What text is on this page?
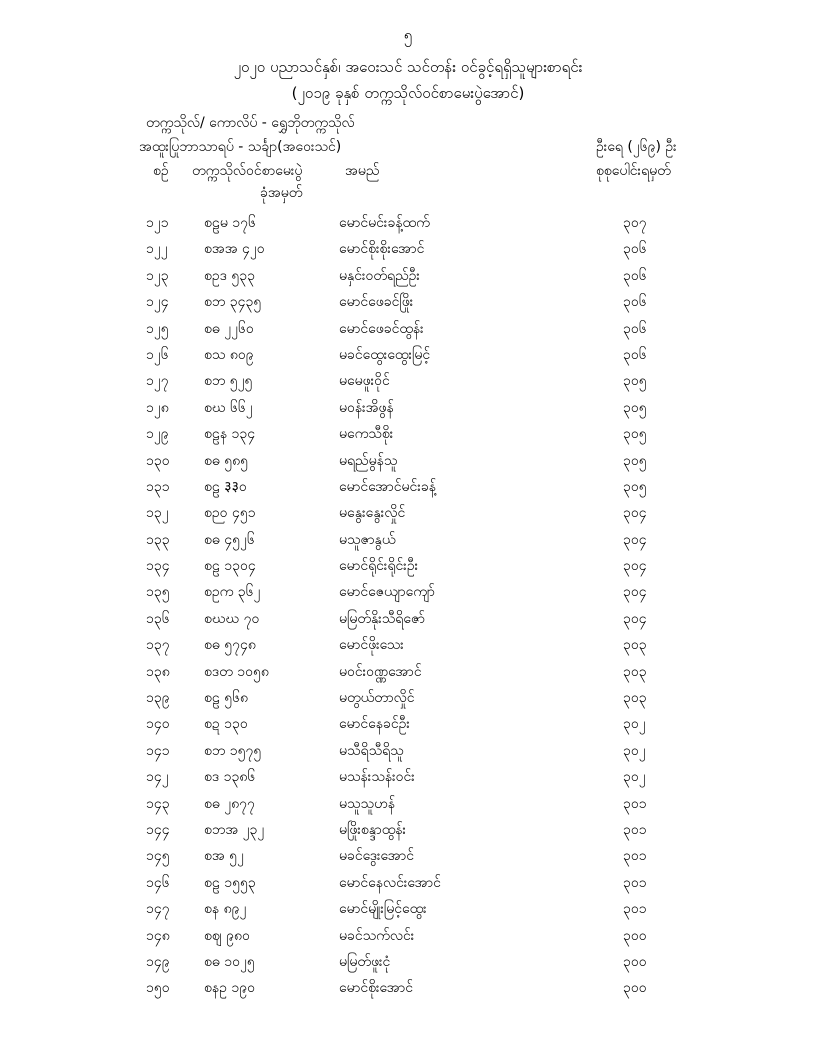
၅
၂၀၂၀ ပညာသင်နှစ်၊ အဝေးသင် သင်တန်း ဝင်ခွင့်ရရှိသူများစာရင်း
(၂၀၁၉ ခုနှစ် တက္ကသိုလ်ဝင်စာမေးပွဲအောင်)
တက္ကသိုလ်/ ကောလိပ် - ရွှေဘိုတက္ကသိုလ်
အထူးပြုဘာသာရပ် - သင်္ချာ(အဝေးသင်)	ဦးရေ (၂၆၉) ဦး
စဉ် တက္ကသိုလ်ဝင်စာမေးပွဲ
ခုံအမှတ်
အမည်	စုစုပေါင်းရမှတ်
၁၂၁	စဠမ ၁၇၆	မောင်မင်းခန့်ထက်	၃၀၇
၁၂၂	စအအ ၄၂၀	မောင်စိုးစိုးအောင်	၃၀၆
၁၂၃	စဥဒ ၅၃၃	မနှင်းဝတ်ရည်ဦး	၃၀၆
၁၂၄	စဘ ၃၄၃၅	မောင်ဖေခင်ဖြိုး	၃၀၆
၁၂၅	စဓ ၂၂၆၀	မောင်ဖေခင်ထွန်း	၃၀၆
၁၂၆	စသ ၈၀၉	မခင်ထွေးထွေးမြင့်	၃၀၆
၁၂၇	စဘ ၅၂၅	မမေဖူးဝိုင်	၃၀၅
၁၂၈	စဃ ၆၆၂	မဝန်းအိဖွန်	၃၀၅
၁၂၉	စဠန ၁၃၄	မကေသီစိုး	၃၀၅
၁၃၀ စဓ ၅၈၅	မရည်မွန်သူ	၃၀၅
၁၃၁ စဠ ३३၀	မောင်အောင်မင်းခန့်	၃၀၅
၁၃၂	စဉဝ ၄၅၁	မနွေးနွေးလှိုင်	၃၀၄
၁၃၃ စဓ ၄၅၂၆	မသူဇာနွယ်	၃၀၄
၁၃၄ စဠ ၁၃၀၄	မောင်ရိုင်းရိုင်းဦး	၃၀၄
၁၃၅ စဥက ၃၆၂	မောင်ဇေယျာကျော်	၃၀၄
၁၃၆ စဃဃ ၇၀	မမြတ်နိုးသီရိဇော်	၃၀၄
၁၃၇ စဓ ၅၇၄၈	မောင်ဖိုးသေး	၃၀၃
၁၃၈ စဒတ ၁၀၅၈	မဝင်းဝဏ္ဏအောင်	၃၀၃
၁၃၉ စဠ ၅၆၈	မတွယ်တာလှိုင်	၃၀၃
၁၄၀ စဍ ၁၃၀	မောင်နေခင်ဦး	၃၀၂
၁၄၁ စဘ ၁၅၇၅	မသီရိသီရိသူ	၃၀၂
၁၄၂	စဒ ၁၃၈၆	မသန်းသန်းဝင်း	၃၀၂
၁၄၃ စဓ ၂၈၇၇	မသူသူဟန်	၃၀၁
၁၄၄ စဘအ ၂၃၂	မဖြိုးစန္ဒာထွန်း	၃၀၁
၁၄၅ စအ ၅၂	မခင်ဒွေးအောင်	၃၀၁
၁၄၆ စဠ ၁၅၅၃	မောင်နေလင်းအောင်	၃၀၁
၁၄၇ စန ၈၉၂	မောင်မျိုးမြင့်ထွေး	၃၀၁
၁၄၈ စဈ ၉၈၀	မခင်သက်လင်း	၃၀၀
၁၄၉ စဓ ၁၀၂၅	မမြတ်ဖူးငုံ	၃၀၀
၁၅၀ စနဥ ၁၉၀	မောင်စိုးအောင်	၃၀၀
